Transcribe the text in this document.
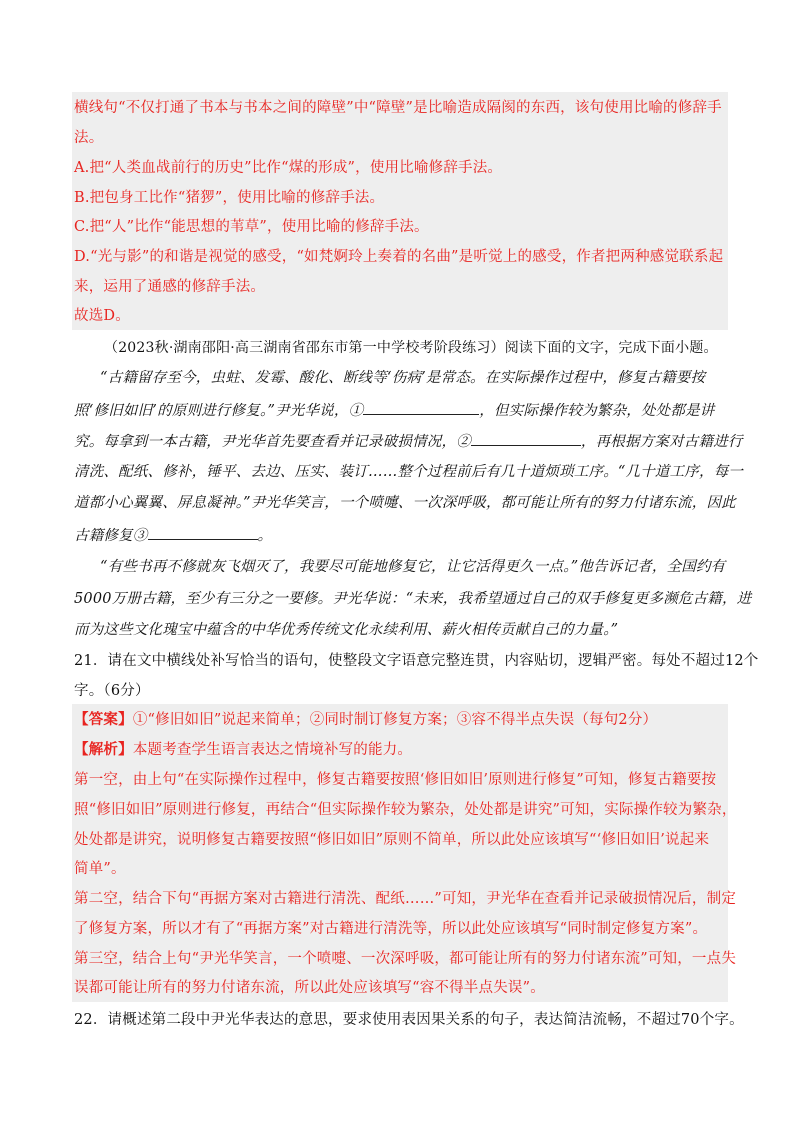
横线句“不仅打通了书本与书本之间的障壁”中“障壁”是比喻造成隔阂的东西，该句使用比喻的修辞手
法。
A.把“人类血战前行的历史”比作“煤的形成”，使用比喻修辞手法。
B.把包身工比作“猪猡”，使用比喻的修辞手法。
C.把“人”比作“能思想的苇草”，使用比喻的修辞手法。
D.“光与影”的和谐是视觉的感受，“如梵婀玲上奏着的名曲”是听觉上的感受，作者把两种感觉联系起
来，运用了通感的修辞手法。
故选D。
（2023秋·湖南邵阳·高三湖南省邵东市第一中学校考阶段练习）阅读下面的文字，完成下面小题。
“古籍留存至今，虫蛀、发霉、酸化、断线等‘伤病’是常态。在实际操作过程中，修复古籍要按
照‘修旧如旧’的原则进行修复。”尹光华说，①	，但实际操作较为繁杂，处处都是讲
究。每拿到一本古籍，尹光华首先要查看并记录破损情况，②	，再根据方案对古籍进行
清洗、配纸、修补，锤平、去边、压实、装订……整个过程前后有几十道烦琐工序。“几十道工序，每一
道都小心翼翼、屏息凝神。”尹光华笑言，一个喷嚏、一次深呼吸，都可能让所有的努力付诸东流，因此
古籍修复③	。
“有些书再不修就灰飞烟灭了，我要尽可能地修复它，让它活得更久一点。”他告诉记者，全国约有
5000万册古籍，至少有三分之一要修。尹光华说：“未来，我希望通过自己的双手修复更多濒危古籍，进
而为这些文化瑰宝中蕴含的中华优秀传统文化永续利用、薪火相传贡献自己的力量。”
21．请在文中横线处补写恰当的语句，使整段文字语意完整连贯，内容贴切，逻辑严密。每处不超过12个
字。（6分）
【答案】①“修旧如旧”说起来简单；②同时制订修复方案；③容不得半点失误（每句2分）
【解析】本题考查学生语言表达之情境补写的能力。
第一空，由上句“在实际操作过程中，修复古籍要按照‘修旧如旧’原则进行修复”可知，修复古籍要按
照“修旧如旧”原则进行修复，再结合“但实际操作较为繁杂，处处都是讲究”可知，实际操作较为繁杂，
处处都是讲究，说明修复古籍要按照“修旧如旧”原则不简单，所以此处应该填写“‘修旧如旧’说起来
简单”。
第二空，结合下句“再据方案对古籍进行清洗、配纸……”可知，尹光华在查看并记录破损情况后，制定
了修复方案，所以才有了“再据方案”对古籍进行清洗等，所以此处应该填写“同时制定修复方案”。
第三空，结合上句“尹光华笑言，一个喷嚏、一次深呼吸，都可能让所有的努力付诸东流”可知，一点失
误都可能让所有的努力付诸东流，所以此处应该填写“容不得半点失误”。
22．请概述第二段中尹光华表达的意思，要求使用表因果关系的句子，表达简洁流畅，不超过70个字。
